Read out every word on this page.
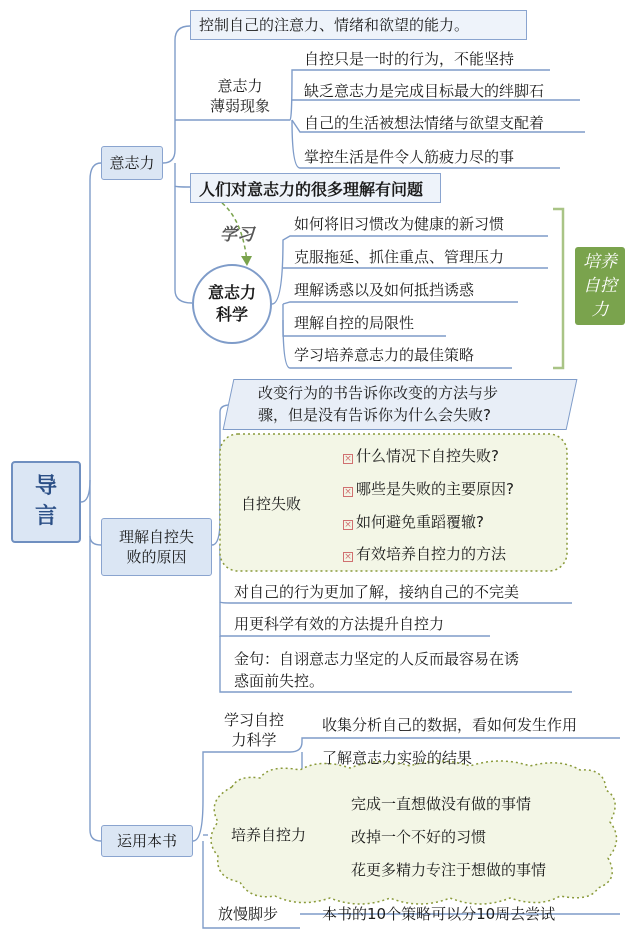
导
言
意志力
控制自己的注意力、情绪和欲望的能力。
意志力
薄弱现象
自控只是一时的行为，不能坚持
缺乏意志力是完成目标最大的绊脚石
自己的生活被想法情绪与欲望支配着
掌控生活是件令人筋疲力尽的事
人们对意志力的很多理解有问题
学习
意志力
科学
如何将旧习惯改为健康的新习惯
克服拖延、抓住重点、管理压力
理解诱惑以及如何抵挡诱惑
理解自控的局限性
学习培养意志力的最佳策略
培养
自控
力
理解自控失
败的原因
改变行为的书告诉你改变的方法与步
骤，但是没有告诉你为什么会失败?
自控失败
× 什么情况下自控失败?
× 哪些是失败的主要原因?
× 如何避免重蹈覆辙?
× 有效培养自控力的方法
对自己的行为更加了解，接纳自己的不完美
用更科学有效的方法提升自控力
金句：自诩意志力坚定的人反而最容易在诱
惑面前失控。
运用本书
学习自控
力科学
收集分析自己的数据，看如何发生作用
了解意志力实验的结果
培养自控力
完成一直想做没有做的事情
改掉一个不好的习惯
花更多精力专注于想做的事情
放慢脚步	本书的10个策略可以分10周去尝试
